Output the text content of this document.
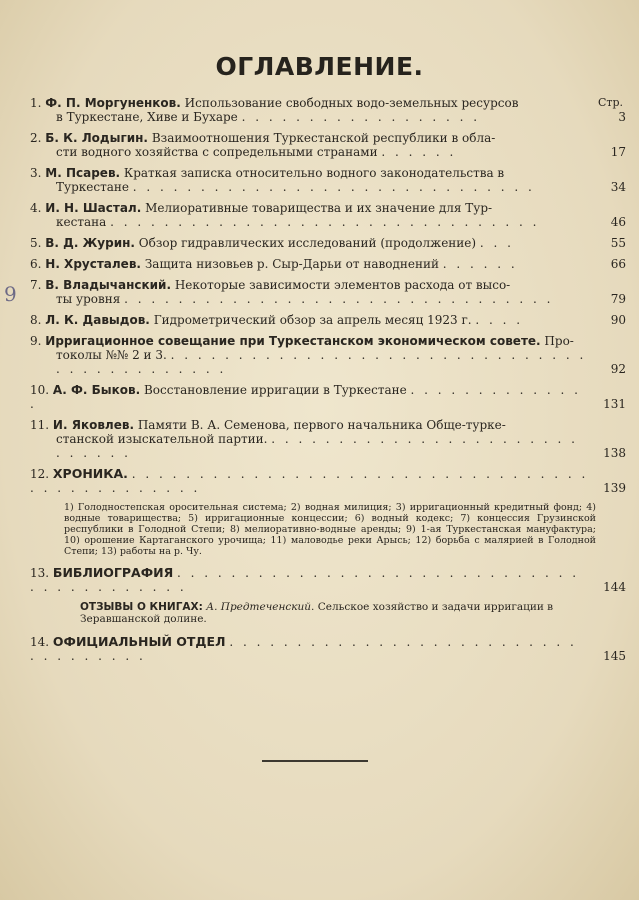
ОГЛАВЛЕНИЕ.
Стр.
9
1. Ф. П. Моргуненков. Использование свободных водо-земельных ресурсов
в Туркестане, Хиве и Бухаре . . . . . . . . . . . . . . . . . .	3
2. Б. К. Лодыгин. Взаимоотношения Туркестанской республики в обла-
сти водного хозяйства с сопредельными странами . . . . . .	17
3. М. Псарев. Краткая записка относительно водного законодательства в
Туркестане . . . . . . . . . . . . . . . . . . . . . . . . . . . . . .	34
4. И. Н. Шастал. Мелиоративные товарищества и их значение для Тур-
кестана . . . . . . . . . . . . . . . . . . . . . . . . . . . . . . . .	46
5. В. Д. Журин. Обзор гидравлических исследований (продолжение) . . .	55
6. Н. Хрусталев. Защита низовьев р. Сыр-Дарьи от наводнений . . . . . .	66
7. В. Владычанский. Некоторые зависимости элементов расхода от высо-
ты уровня . . . . . . . . . . . . . . . . . . . . . . . . . . . . . . . .	79
8. Л. К. Давыдов. Гидрометрический обзор за апрель месяц 1923 г. . . . .	90
9. Ирригационное совещание при Туркестанском экономическом совете. Про-
токолы №№ 2 и 3. . . . . . . . . . . . . . . . . . . . . . . . . . . . . . . . . . . . . . . . . . . . .	92
10. А. Ф. Быков. Восстановление ирригации в Туркестане . . . . . . . . . . . . . .	131
11. И. Яковлев. Памяти В. А. Семенова, первого начальника Обще-турке-
станской изыскательной партии. . . . . . . . . . . . . . . . . . . . . . . . . . . . . .	138
12. ХРОНИКА. . . . . . . . . . . . . . . . . . . . . . . . . . . . . . . . . . . . . . . . . . . . . . . .	139
1) Голодностепская оросительная система; 2) водная милиция; 3) ирригационный кредитный фонд; 4) водные товарищества; 5) ирригационные концессии; 6) водный кодекс; 7) концессия Грузинской республики в Голодной Степи; 8) мелиоративно-водные аренды; 9) 1-ая Туркестанская мануфактура; 10) орошение Картаганского урочища; 11) маловодье реки Арысь; 12) борьба с малярией в Голодной Степи; 13) работы на р. Чу.
13. БИБЛИОГРАФИЯ . . . . . . . . . . . . . . . . . . . . . . . . . . . . . . . . . . . . . . . . . .	144
ОТЗЫВЫ О КНИГАХ: А. Предтеченский. Сельское хозяйство и задачи ирригации в Зеравшанской долине.
14. ОФИЦИАЛЬНЫЙ ОТДЕЛ . . . . . . . . . . . . . . . . . . . . . . . . . . . . . . . . . . .	145
